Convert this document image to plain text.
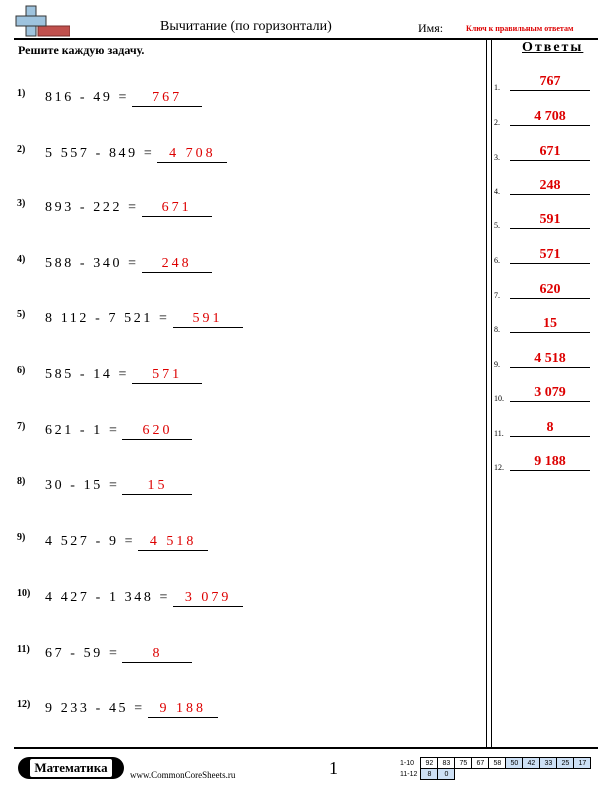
Вычитание (по горизонтали)	Имя:	Ключ к правильным ответам
Решите каждую задачу.
1) 816 - 49 = 767
2) 5 557 - 849 = 4 708
3) 893 - 222 = 671
4) 588 - 340 = 248
5) 8 112 - 7 521 = 591
6) 585 - 14 = 571
7) 621 - 1 = 620
8) 30 - 15 = 15
9) 4 527 - 9 = 4 518
10) 4 427 - 1 348 = 3 079
11) 67 - 59 = 8
12) 9 233 - 45 = 9 188
Ответы
1.	767
2.	4 708
3.	671
4.	248
5.	591
6.	571
7.	620
8.	15
9.	4 518
10.	3 079
11.	8
12.	9 188
Математика	www.CommonCoreSheets.ru	1	1-10	92	83	75	67	58	50	42	33	25	17
11-12	8	0								
